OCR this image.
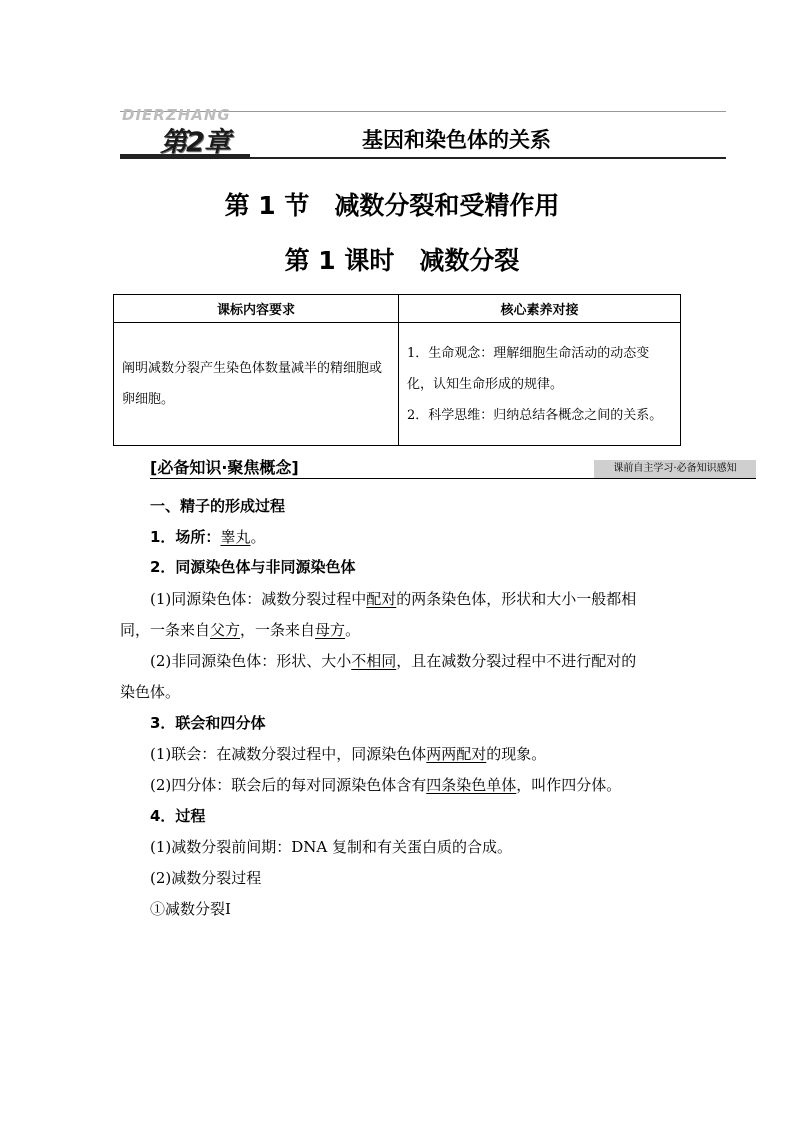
DIERZHANG
第2章	基因和染色体的关系
第 1 节　减数分裂和受精作用
第 1 课时　减数分裂
课标内容要求	核心素养对接
阐明减数分裂产生染色体数量减半的精细胞或卵细胞。	1．生命观念：理解细胞生命活动的动态变化，认知生命形成的规律。
2．科学思维：归纳总结各概念之间的关系。
[必备知识·聚焦概念]	课前自主学习·必备知识感知
一、精子的形成过程
1．场所：睾丸。
2．同源染色体与非同源染色体
(1)同源染色体：减数分裂过程中配对的两条染色体，形状和大小一般都相
同，一条来自父方，一条来自母方。
(2)非同源染色体：形状、大小不相同，且在减数分裂过程中不进行配对的
染色体。
3．联会和四分体
(1)联会：在减数分裂过程中，同源染色体两两配对的现象。
(2)四分体：联会后的每对同源染色体含有四条染色单体，叫作四分体。
4．过程
(1)减数分裂前间期：DNA 复制和有关蛋白质的合成。
(2)减数分裂过程
①减数分裂Ⅰ
